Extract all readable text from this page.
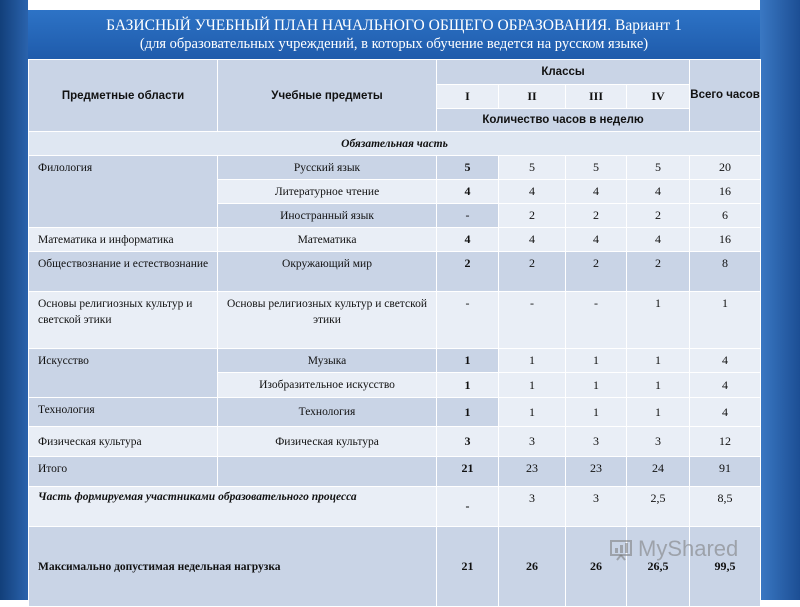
БАЗИСНЫЙ УЧЕБНЫЙ ПЛАН НАЧАЛЬНОГО ОБЩЕГО ОБРАЗОВАНИЯ. Вариант 1
(для образовательных учреждений, в которых обучение ведется на русском языке)
Предметные области	Учебные предметы	Классы				Всего часов
		I	II	III	IV	
		Количество часов в неделю				
Обязательная часть						
Филология	Русский язык	5	5	5	5	20
	Литературное чтение	4	4	4	4	16
	Иностранный язык	-	2	2	2	6
Математика и информатика	Математика	4	4	4	4	16
Обществознание и естествознание	Окружающий мир	2	2	2	2	8
Основы религиозных культур и светской этики	Основы религиозных культур и светской этики	-	-	-	1	1
Искусство	Музыка	1	1	1	1	4
	Изобразительное искусство	1	1	1	1	4
Технология	Технология	1	1	1	1	4
Физическая культура	Физическая культура	3	3	3	3	12
Итого		21	23	23	24	91
Часть формируемая участниками образовательного процесса		-	3	3	2,5	8,5
Максимально допустимая недельная нагрузка		21	26	26	26,5	99,5
MyShared
